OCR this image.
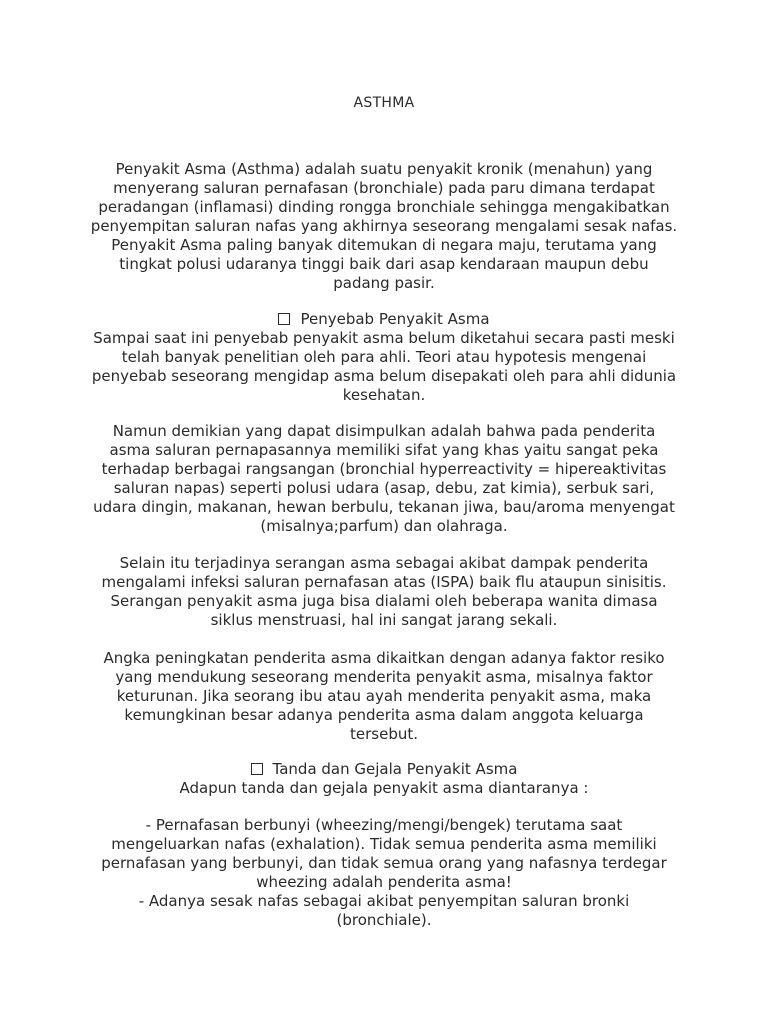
ASTHMA

Penyakit Asma (Asthma) adalah suatu penyakit kronik (menahun) yang menyerang saluran pernafasan (bronchiale) pada paru dimana terdapat peradangan (inflamasi) dinding rongga bronchiale sehingga mengakibatkan penyempitan saluran nafas yang akhirnya seseorang mengalami sesak nafas. Penyakit Asma paling banyak ditemukan di negara maju, terutama yang tingkat polusi udaranya tinggi baik dari asap kendaraan maupun debu padang pasir.

Penyebab Penyakit Asma
Sampai saat ini penyebab penyakit asma belum diketahui secara pasti meski telah banyak penelitian oleh para ahli. Teori atau hypotesis mengenai penyebab seseorang mengidap asma belum disepakati oleh para ahli didunia kesehatan.

Namun demikian yang dapat disimpulkan adalah bahwa pada penderita asma saluran pernapasannya memiliki sifat yang khas yaitu sangat peka terhadap berbagai rangsangan (bronchial hyperreactivity = hipereaktivitas saluran napas) seperti polusi udara (asap, debu, zat kimia), serbuk sari, udara dingin, makanan, hewan berbulu, tekanan jiwa, bau/aroma menyengat (misalnya;parfum) dan olahraga.

Selain itu terjadinya serangan asma sebagai akibat dampak penderita mengalami infeksi saluran pernafasan atas (ISPA) baik flu ataupun sinisitis. Serangan penyakit asma juga bisa dialami oleh beberapa wanita dimasa siklus menstruasi, hal ini sangat jarang sekali.

Angka peningkatan penderita asma dikaitkan dengan adanya faktor resiko yang mendukung seseorang menderita penyakit asma, misalnya faktor keturunan. Jika seorang ibu atau ayah menderita penyakit asma, maka kemungkinan besar adanya penderita asma dalam anggota keluarga tersebut.

Tanda dan Gejala Penyakit Asma
Adapun tanda dan gejala penyakit asma diantaranya :
- Pernafasan berbunyi (wheezing/mengi/bengek) terutama saat mengeluarkan nafas (exhalation). Tidak semua penderita asma memiliki pernafasan yang berbunyi, dan tidak semua orang yang nafasnya terdegar wheezing adalah penderita asma!
- Adanya sesak nafas sebagai akibat penyempitan saluran bronki (bronchiale).
